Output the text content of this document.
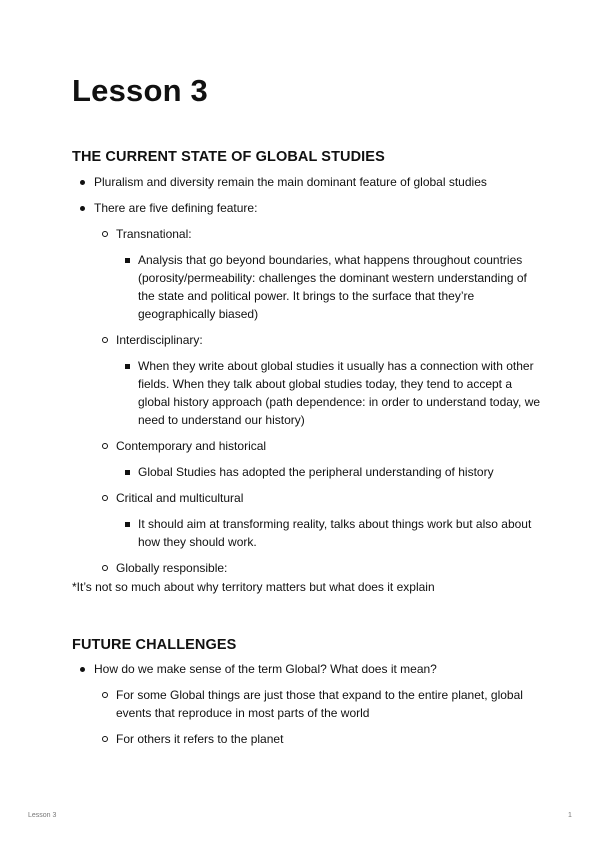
Lesson 3
THE CURRENT STATE OF GLOBAL STUDIES
Pluralism and diversity remain the main dominant feature of global studies
There are five defining feature:
Transnational:
Analysis that go beyond boundaries, what happens throughout countries (porosity/permeability: challenges the dominant western understanding of the state and political power. It brings to the surface that they’re geographically biased)
Interdisciplinary:
When they write about global studies it usually has a connection with other fields. When they talk about global studies today, they tend to accept a global history approach (path dependence: in order to understand today, we need to understand our history)
Contemporary and historical
Global Studies has adopted the peripheral understanding of history
Critical and multicultural
It should aim at transforming reality, talks about things work but also about how they should work.
Globally responsible:
*It’s not so much about why territory matters but what does it explain
FUTURE CHALLENGES
How do we make sense of the term Global? What does it mean?
For some Global things are just those that expand to the entire planet, global events that reproduce in most parts of the world
For others it refers to the planet
Lesson 3	1
